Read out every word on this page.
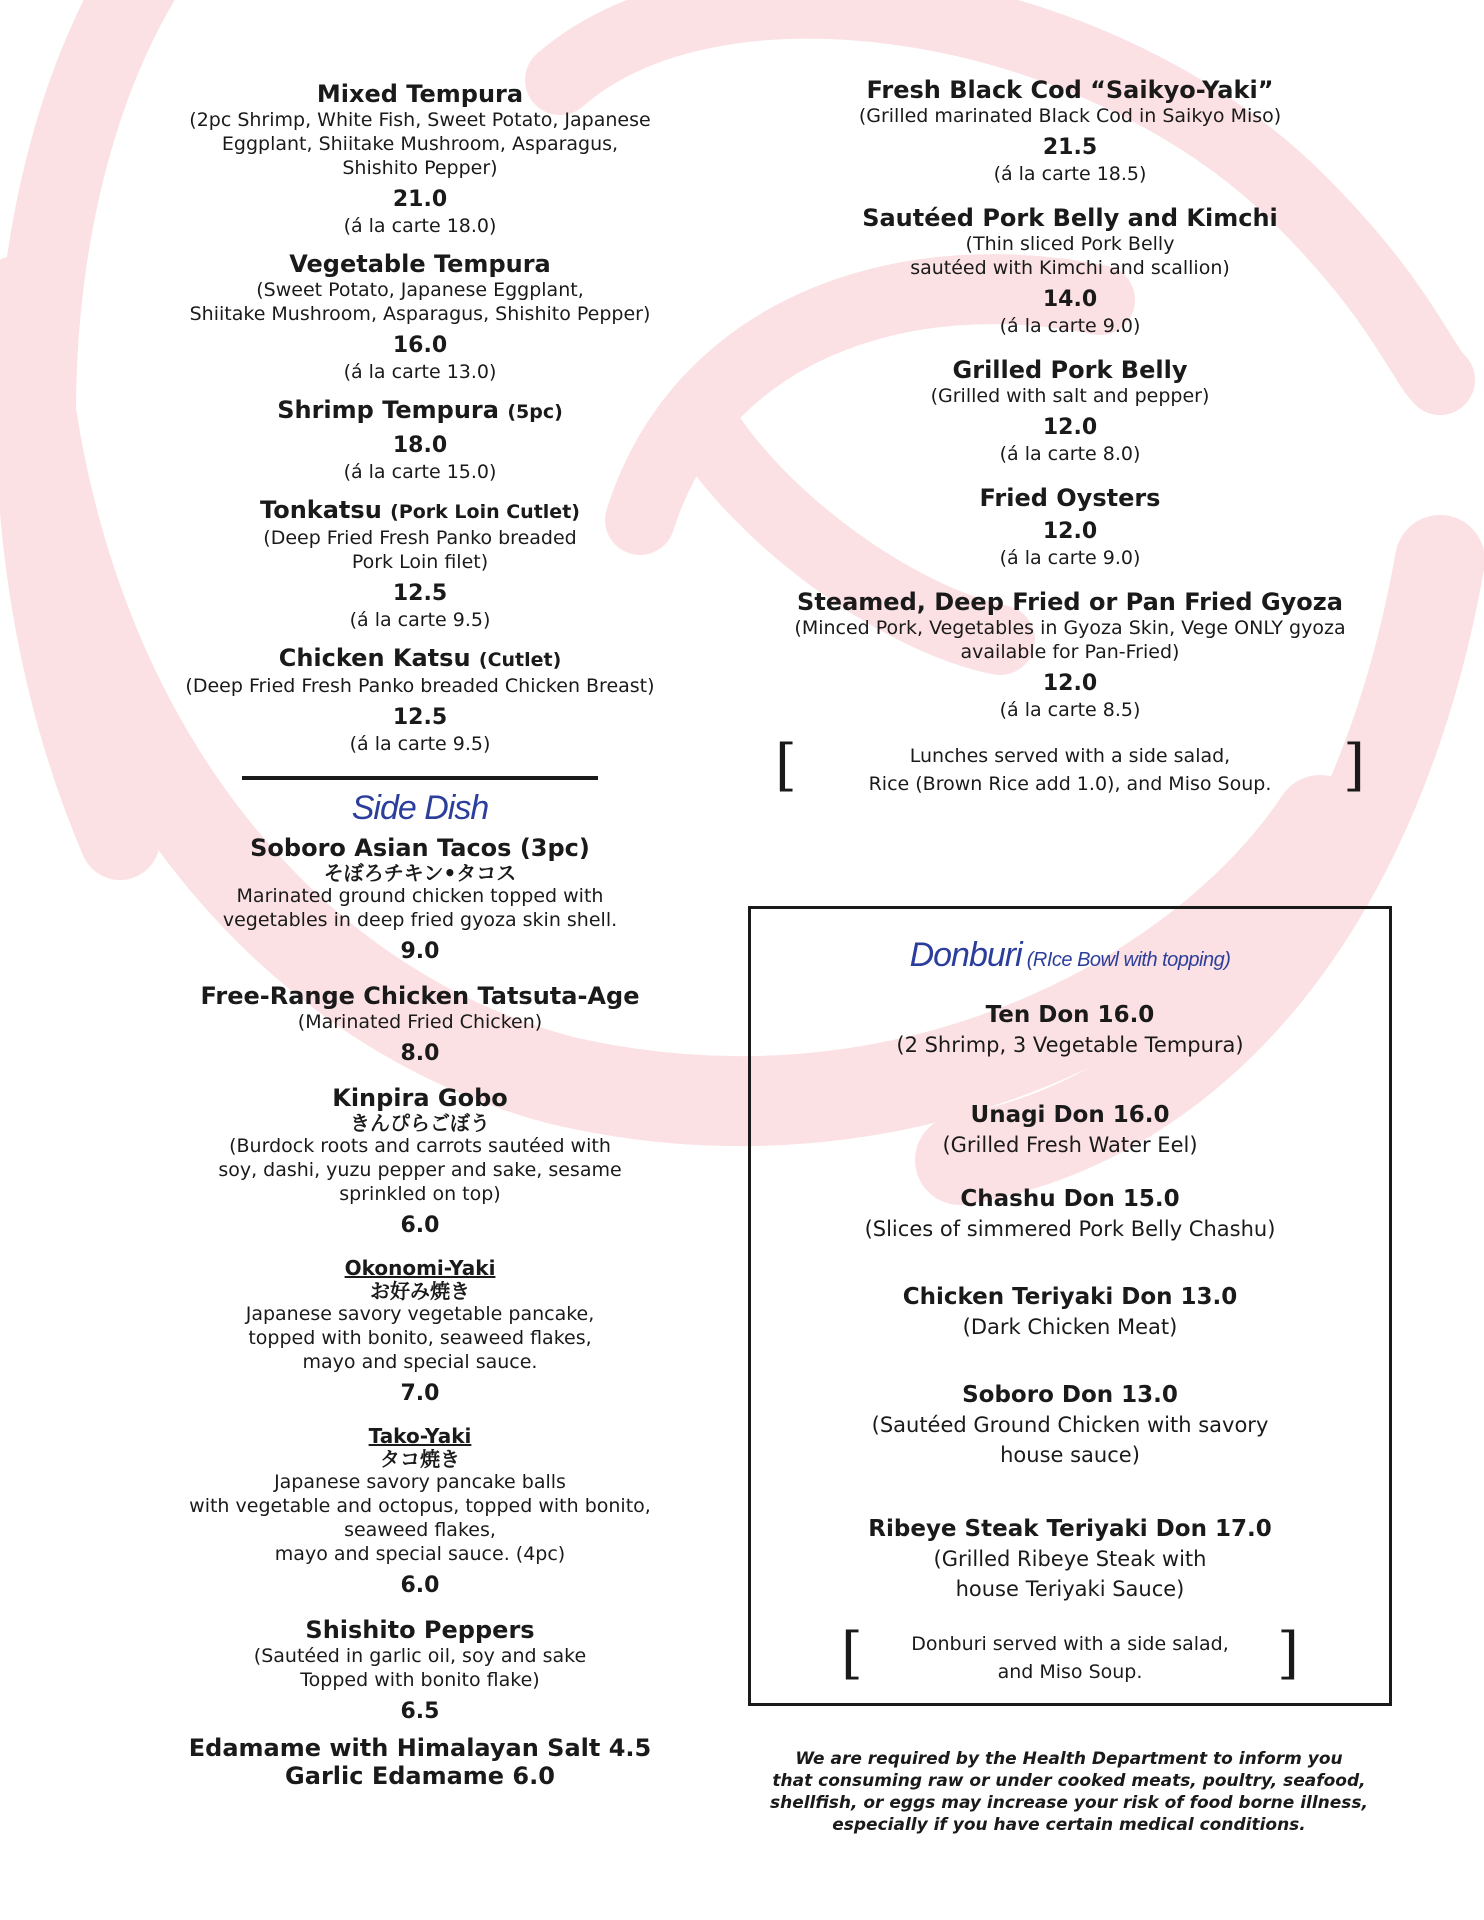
Mixed Tempura
(2pc Shrimp, White Fish, Sweet Potato, Japanese
Eggplant, Shiitake Mushroom, Asparagus,
Shishito Pepper)
21.0
(á la carte 18.0)
Vegetable Tempura
(Sweet Potato, Japanese Eggplant,
Shiitake Mushroom, Asparagus, Shishito Pepper)
16.0
(á la carte 13.0)
Shrimp Tempura (5pc)
18.0
(á la carte 15.0)
Tonkatsu (Pork Loin Cutlet)
(Deep Fried Fresh Panko breaded
Pork Loin filet)
12.5
(á la carte 9.5)
Chicken Katsu (Cutlet)
(Deep Fried Fresh Panko breaded Chicken Breast)
12.5
(á la carte 9.5)
Side Dish
Soboro Asian Tacos (3pc)
そぼろチキン•タコス
Marinated ground chicken topped with
vegetables in deep fried gyoza skin shell.
9.0
Free-Range Chicken Tatsuta-Age
(Marinated Fried Chicken)
8.0
Kinpira Gobo
きんぴらごぼう
(Burdock roots and carrots sautéed with
soy, dashi, yuzu pepper and sake, sesame
sprinkled on top)
6.0
Okonomi-Yaki
お好み焼き
Japanese savory vegetable pancake,
topped with bonito, seaweed flakes,
mayo and special sauce.
7.0
Tako-Yaki
タコ焼き
Japanese savory pancake balls
with vegetable and octopus, topped with bonito,
seaweed flakes,
mayo and special sauce. (4pc)
6.0
Shishito Peppers
(Sautéed in garlic oil, soy and sake
Topped with bonito flake)
6.5
Edamame with Himalayan Salt 4.5
Garlic Edamame 6.0
Fresh Black Cod “Saikyo-Yaki”
(Grilled marinated Black Cod in Saikyo Miso)
21.5
(á la carte 18.5)
Sautéed Pork Belly and Kimchi
(Thin sliced Pork Belly
sautéed with Kimchi and scallion)
14.0
(á la carte 9.0)
Grilled Pork Belly
(Grilled with salt and pepper)
12.0
(á la carte 8.0)
Fried Oysters
12.0
(á la carte 9.0)
Steamed, Deep Fried or Pan Fried Gyoza
(Minced Pork, Vegetables in Gyoza Skin, Vege ONLY gyoza
available for Pan-Fried)
12.0
(á la carte 8.5)
[	Lunches served with a side salad,
Rice (Brown Rice add 1.0), and Miso Soup.	]
Donburi (RIce Bowl with topping)
Ten Don 16.0
(2 Shrimp, 3 Vegetable Tempura)
Unagi Don 16.0
(Grilled Fresh Water Eel)
Chashu Don 15.0
(Slices of simmered Pork Belly Chashu)
Chicken Teriyaki Don 13.0
(Dark Chicken Meat)
Soboro Don 13.0
(Sautéed Ground Chicken with savory
house sauce)
Ribeye Steak Teriyaki Don 17.0
(Grilled Ribeye Steak with
house Teriyaki Sauce)
[	Donburi served with a side salad,
and Miso Soup.	]
We are required by the Health Department to inform you
that consuming raw or under cooked meats, poultry, seafood,
shellfish, or eggs may increase your risk of food borne illness,
especially if you have certain medical conditions.
